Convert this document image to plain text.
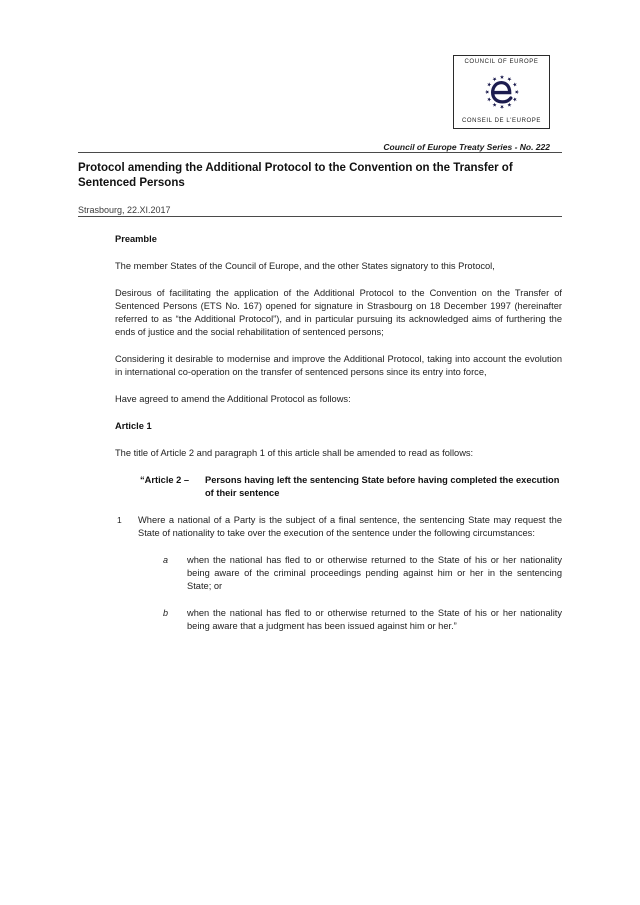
COUNCIL OF EUROPE
CONSEIL DE L'EUROPE
Council of Europe Treaty Series - No. 222
Protocol amending the Additional Protocol to the Convention on the Transfer of Sentenced Persons

Strasbourg, 22.XI.2017

Preamble

The member States of the Council of Europe, and the other States signatory to this Protocol,

Desirous of facilitating the application of the Additional Protocol to the Convention on the Transfer of Sentenced Persons (ETS No. 167) opened for signature in Strasbourg on 18 December 1997 (hereinafter referred to as “the Additional Protocol”), and in particular pursuing its acknowledged aims of furthering the ends of justice and the social rehabilitation of sentenced persons;

Considering it desirable to modernise and improve the Additional Protocol, taking into account the evolution in international co-operation on the transfer of sentenced persons since its entry into force,

Have agreed to amend the Additional Protocol as follows:

Article 1

The title of Article 2 and paragraph 1 of this article shall be amended to read as follows:

“Article 2 –	Persons having left the sentencing State before having completed the execution of their sentence
1	Where a national of a Party is the subject of a final sentence, the sentencing State may request the State of nationality to take over the execution of the sentence under the following circumstances:

a	when the national has fled to or otherwise returned to the State of his or her nationality being aware of the criminal proceedings pending against him or her in the sentencing State; or

b	when the national has fled to or otherwise returned to the State of his or her nationality being aware that a judgment has been issued against him or her.”
